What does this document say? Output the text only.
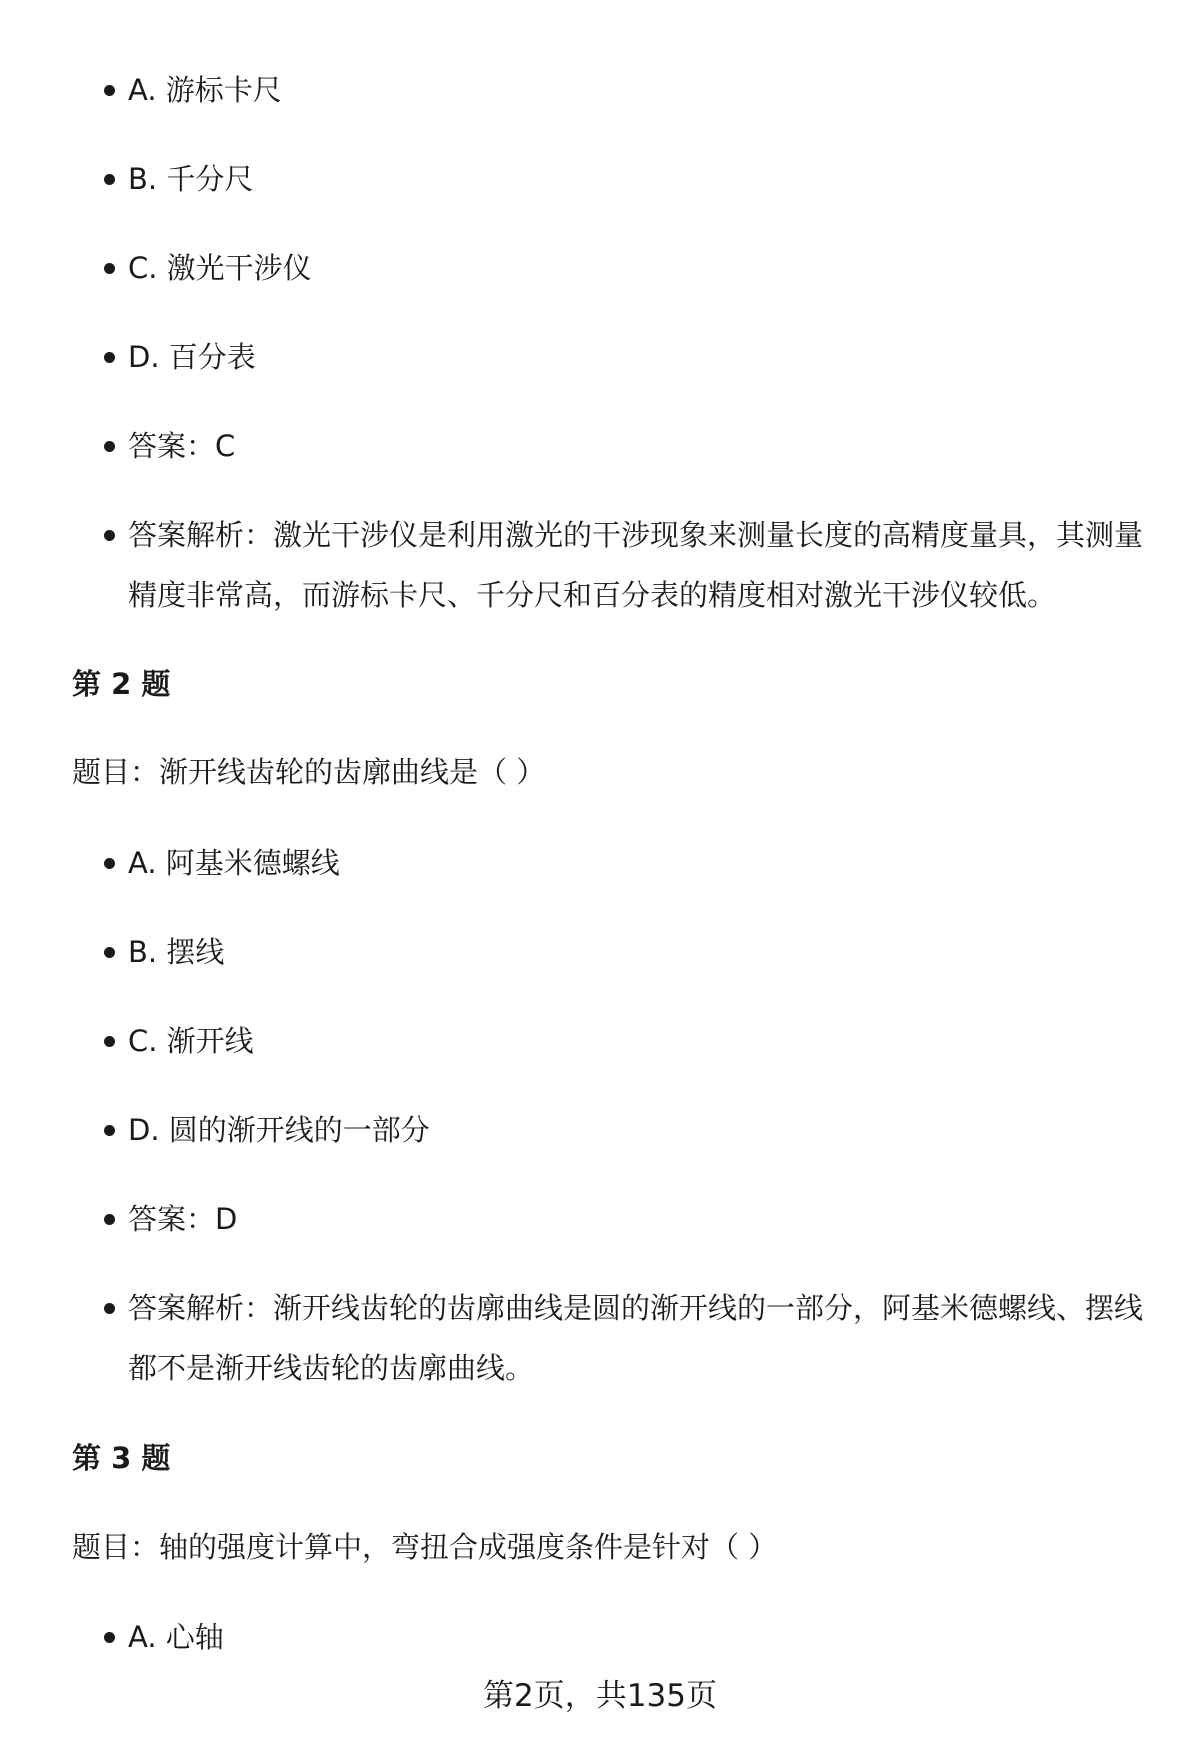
A. 游标卡尺
B. 千分尺
C. 激光干涉仪
D. 百分表
答案：C
答案解析：激光干涉仪是利用激光的干涉现象来测量长度的高精度量具，其测量精度非常高，而游标卡尺、千分尺和百分表的精度相对激光干涉仪较低。
第 2 题
题目：渐开线齿轮的齿廓曲线是（ ）
A. 阿基米德螺线
B. 摆线
C. 渐开线
D. 圆的渐开线的一部分
答案：D
答案解析：渐开线齿轮的齿廓曲线是圆的渐开线的一部分，阿基米德螺线、摆线都不是渐开线齿轮的齿廓曲线。
第 3 题
题目：轴的强度计算中，弯扭合成强度条件是针对（ ）
A. 心轴
第2页，共135页
